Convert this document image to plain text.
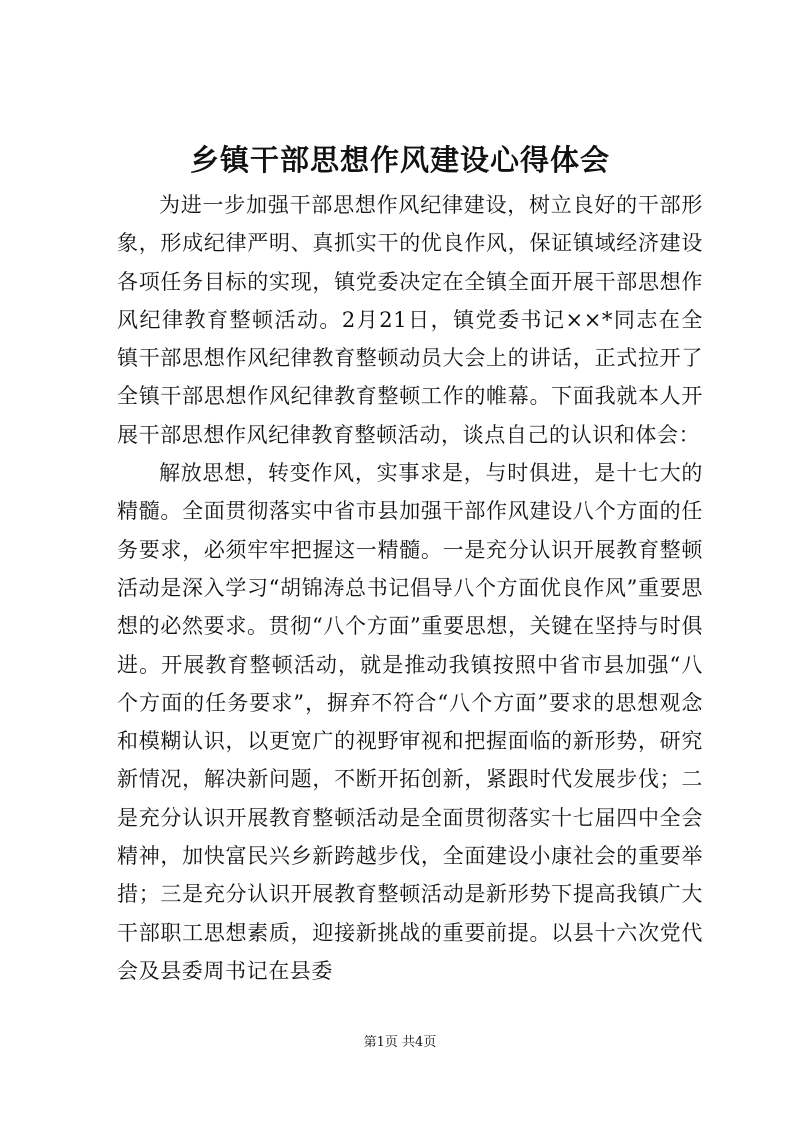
乡镇干部思想作风建设心得体会

为进一步加强干部思想作风纪律建设，树立良好的干部形象，形成纪律严明、真抓实干的优良作风，保证镇域经济建设各项任务目标的实现，镇党委决定在全镇全面开展干部思想作风纪律教育整顿活动。2月21日，镇党委书记××*同志在全镇干部思想作风纪律教育整顿动员大会上的讲话，正式拉开了全镇干部思想作风纪律教育整顿工作的帷幕。下面我就本人开展干部思想作风纪律教育整顿活动，谈点自己的认识和体会：

解放思想，转变作风，实事求是，与时俱进，是十七大的精髓。全面贯彻落实中省市县加强干部作风建设八个方面的任务要求，必须牢牢把握这一精髓。一是充分认识开展教育整顿活动是深入学习“胡锦涛总书记倡导八个方面优良作风”重要思想的必然要求。贯彻“八个方面”重要思想，关键在坚持与时俱进。开展教育整顿活动，就是推动我镇按照中省市县加强“八个方面的任务要求”，摒弃不符合“八个方面”要求的思想观念和模糊认识，以更宽广的视野审视和把握面临的新形势，研究新情况，解决新问题，不断开拓创新，紧跟时代发展步伐；二是充分认识开展教育整顿活动是全面贯彻落实十七届四中全会精神，加快富民兴乡新跨越步伐，全面建设小康社会的重要举措；三是充分认识开展教育整顿活动是新形势下提高我镇广大干部职工思想素质，迎接新挑战的重要前提。以县十六次党代会及县委周书记在县委

第1页 共4页
